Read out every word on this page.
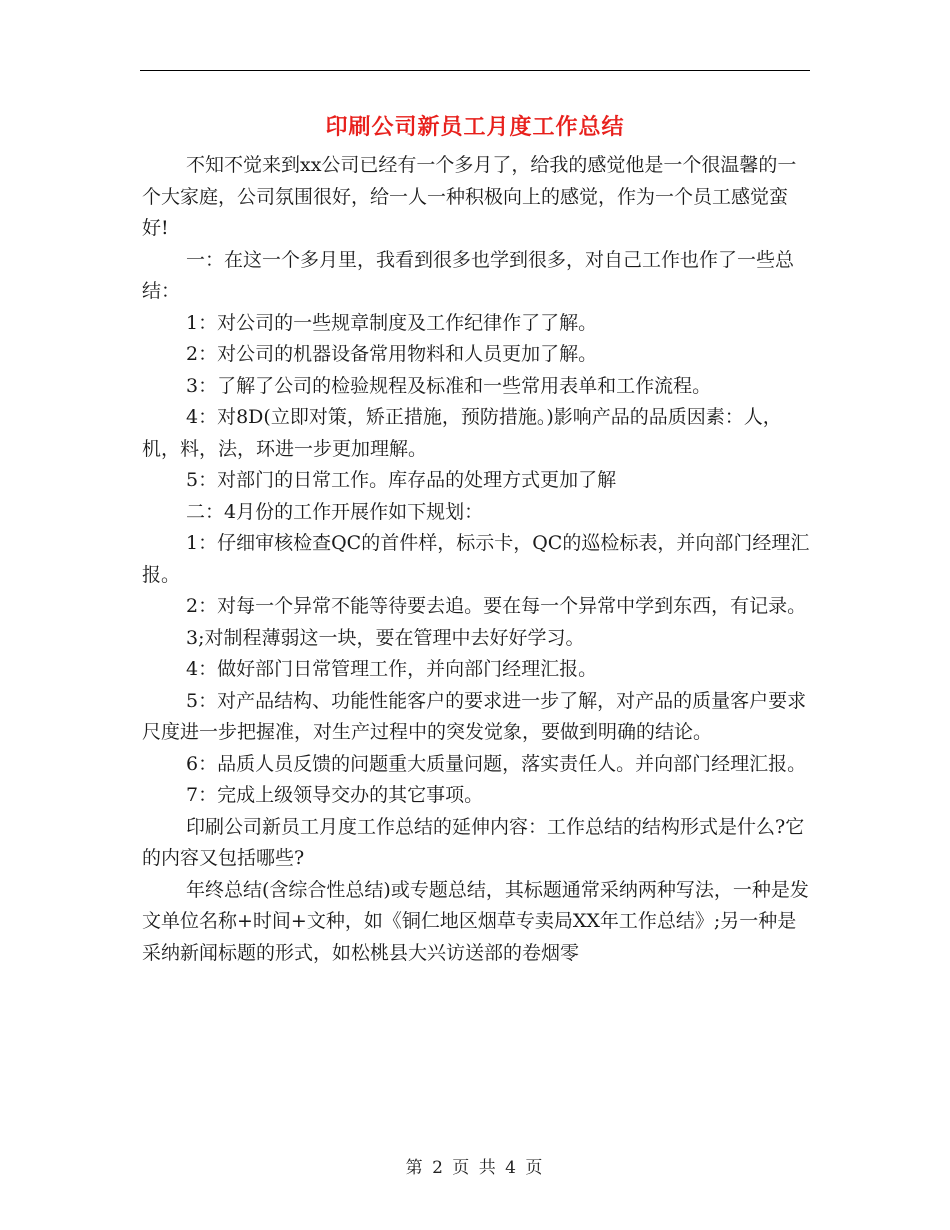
印刷公司新员工月度工作总结

不知不觉来到xx公司已经有一个多月了，给我的感觉他是一个很温馨的一个大家庭，公司氛围很好，给一人一种积极向上的感觉，作为一个员工感觉蛮好!

一：在这一个多月里，我看到很多也学到很多，对自己工作也作了一些总结：

1：对公司的一些规章制度及工作纪律作了了解。

2：对公司的机器设备常用物料和人员更加了解。

3：了解了公司的检验规程及标准和一些常用表单和工作流程。

4：对8D(立即对策，矫正措施，预防措施。)影响产品的品质因素：人，机，料，法，环进一步更加理解。

5：对部门的日常工作。库存品的处理方式更加了解

二：4月份的工作开展作如下规划：

1：仔细审核检查QC的首件样，标示卡，QC的巡检标表，并向部门经理汇报。

2：对每一个异常不能等待要去追。要在每一个异常中学到东西，有记录。

3;对制程薄弱这一块，要在管理中去好好学习。

4：做好部门日常管理工作，并向部门经理汇报。

5：对产品结构、功能性能客户的要求进一步了解，对产品的质量客户要求尺度进一步把握准，对生产过程中的突发觉象，要做到明确的结论。

6：品质人员反馈的问题重大质量问题，落实责任人。并向部门经理汇报。

7：完成上级领导交办的其它事项。

印刷公司新员工月度工作总结的延伸内容：工作总结的结构形式是什么?它的内容又包括哪些?

年终总结(含综合性总结)或专题总结，其标题通常采纳两种写法，一种是发文单位名称+时间+文种，如《铜仁地区烟草专卖局XX年工作总结》;另一种是采纳新闻标题的形式，如松桃县大兴访送部的卷烟零

第 2 页 共 4 页
